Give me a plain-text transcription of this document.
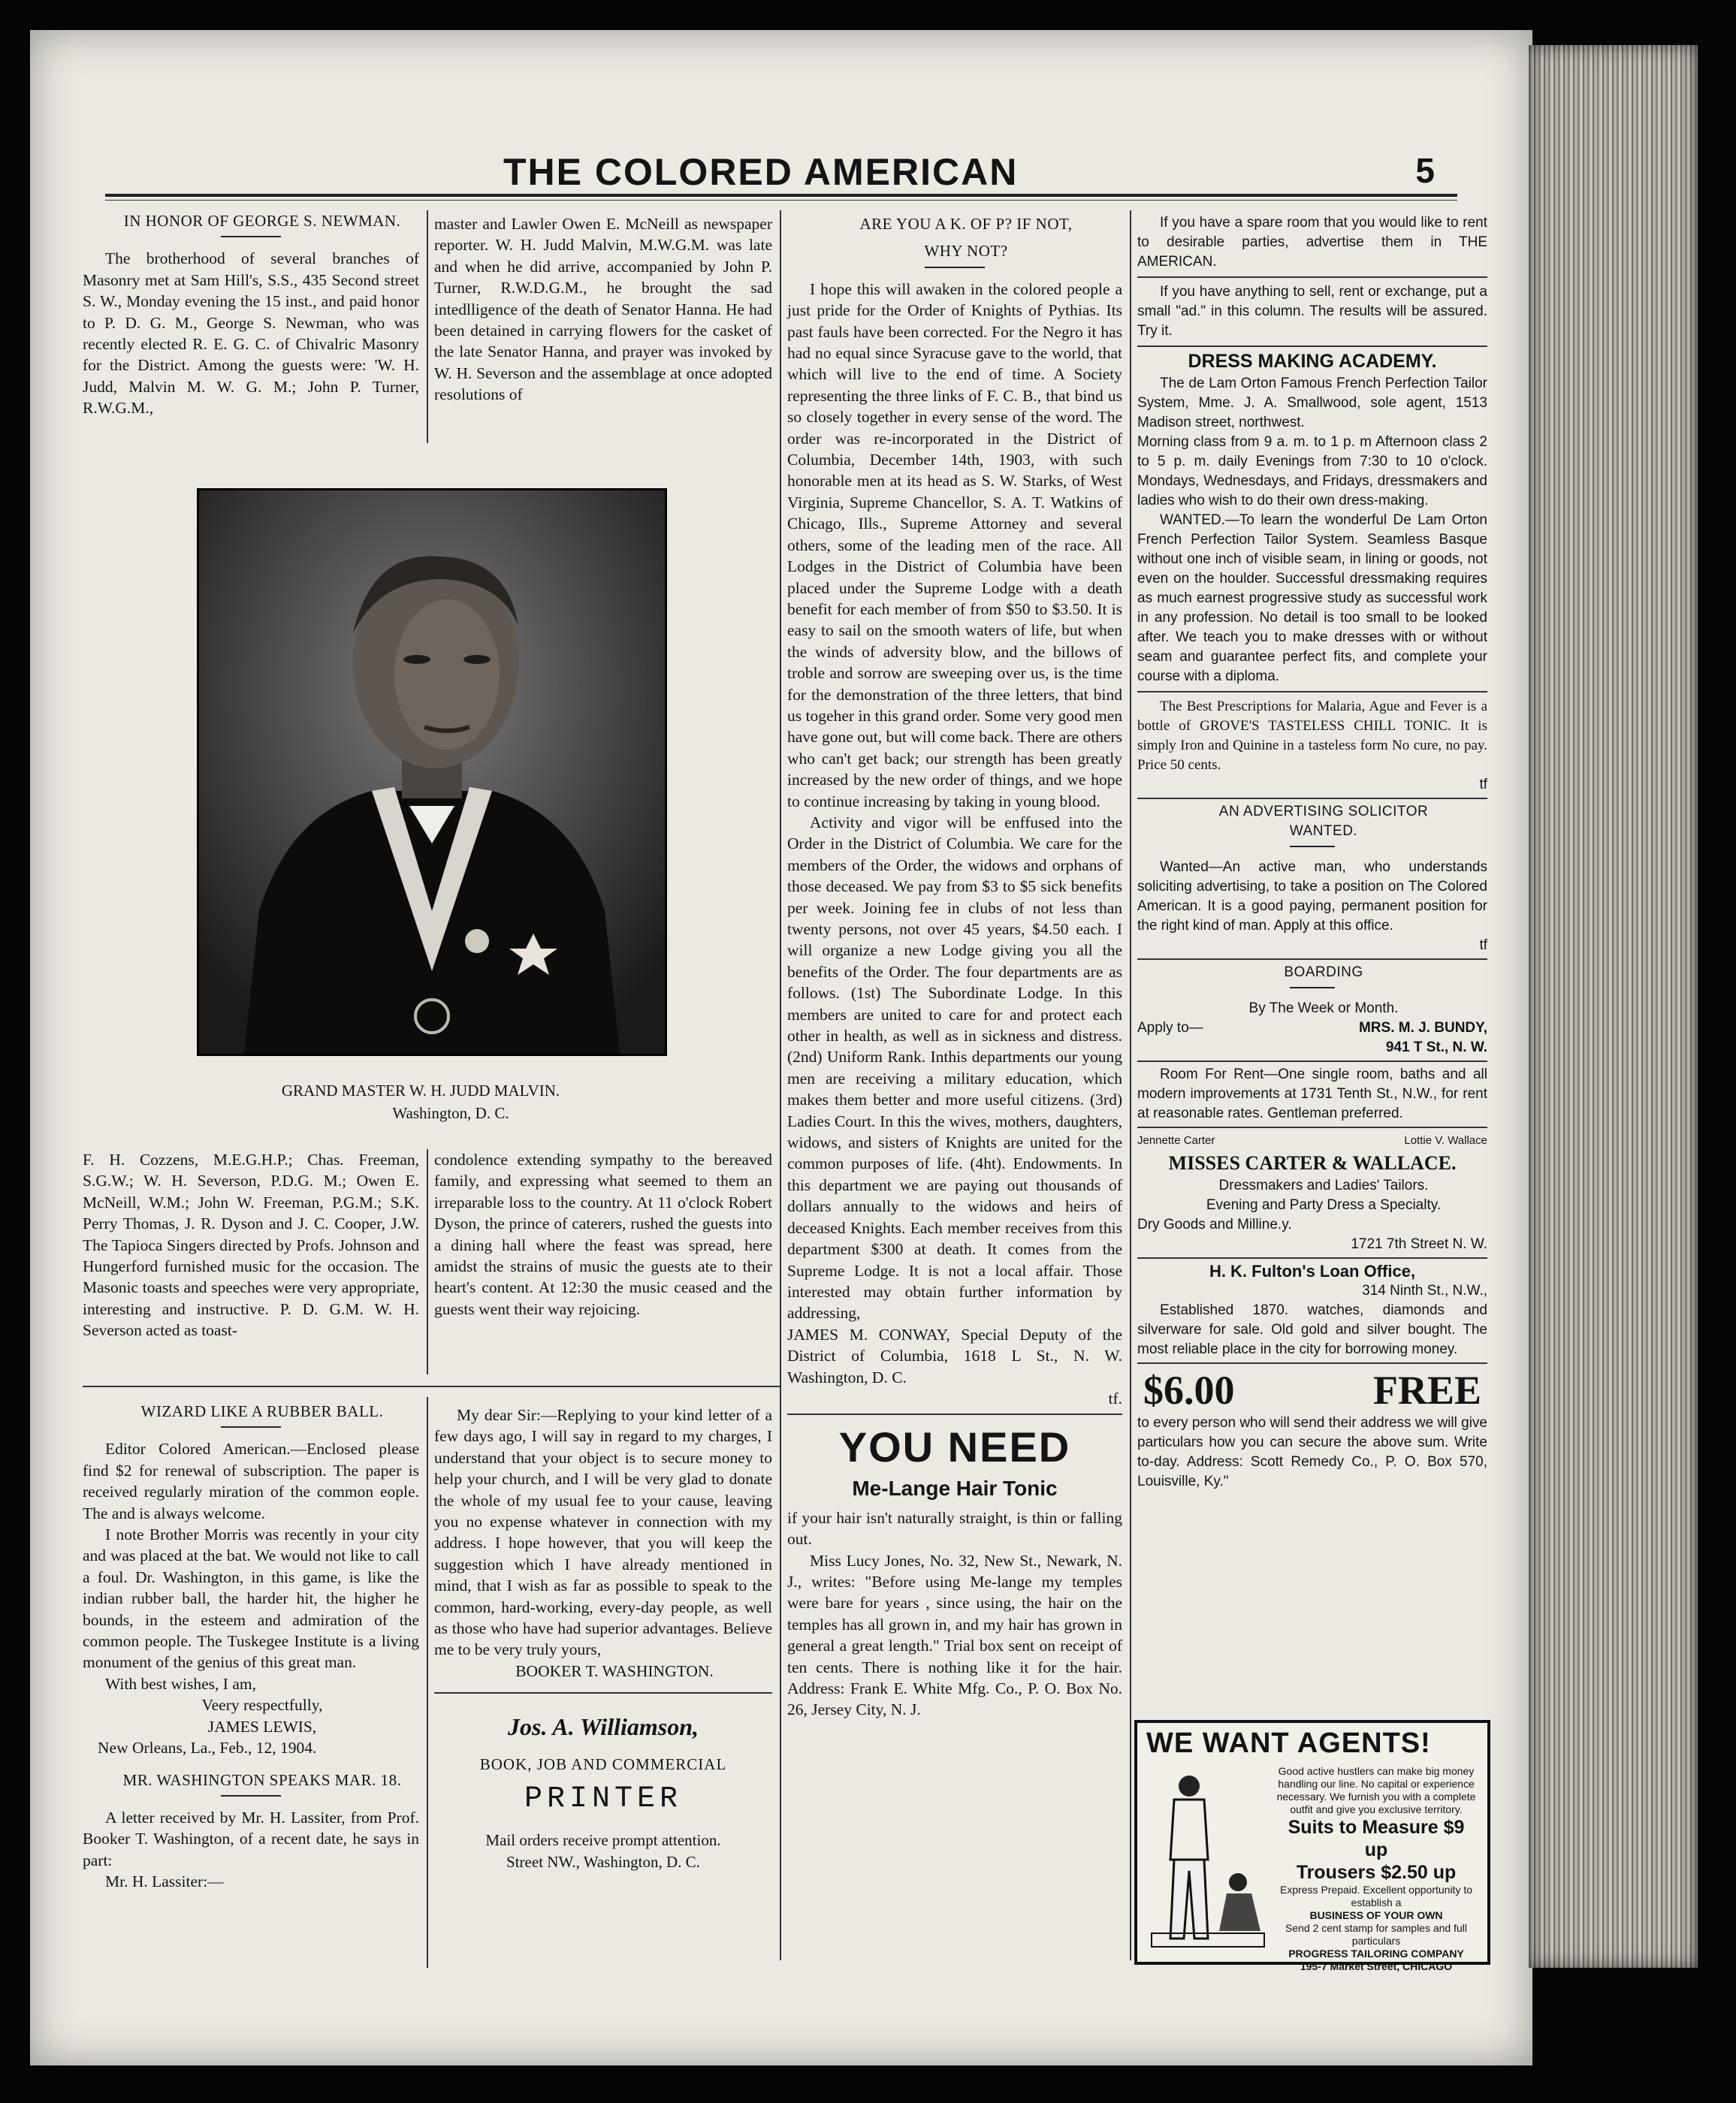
THE COLORED AMERICAN	5

IN HONOR OF GEORGE S. NEWMAN.

The brotherhood of several branches of Masonry met at Sam Hill's, S.S., 435 Second street S. W., Monday evening the 15 inst., and paid honor to P. D. G. M., George S. Newman, who was recently elected R. E. G. C. of Chivalric Masonry for the District. Among the guests were: 'W. H. Judd, Malvin M. W. G. M.; John P. Turner, R.W.G.M.,

master and Lawler Owen E. McNeill as newspaper reporter. W. H. Judd Malvin, M.W.G.M. was late and when he did arrive, accompanied by John P. Turner, R.W.D.G.M., he brought the sad intedlligence of the death of Senator Hanna. He had been detained in carrying flowers for the casket of the late Senator Hanna, and prayer was invoked by W. H. Severson and the assemblage at once adopted resolutions of

GRAND MASTER W. H. JUDD MALVIN.
Washington, D. C.

F. H. Cozzens, M.E.G.H.P.; Chas. Freeman, S.G.W.; W. H. Severson, P.D.G. M.; Owen E. McNeill, W.M.; John W. Freeman, P.G.M.; S.K. Perry Thomas, J. R. Dyson and J. C. Cooper, J.W. The Tapioca Singers directed by Profs. Johnson and Hungerford furnished music for the occasion. The Masonic toasts and speeches were very appropriate, interesting and instructive. P. D. G.M. W. H. Severson acted as toast-

condolence extending sympathy to the bereaved family, and expressing what seemed to them an irreparable loss to the country. At 11 o'clock Robert Dyson, the prince of caterers, rushed the guests into a dining hall where the feast was spread, here amidst the strains of music the guests ate to their heart's content. At 12:30 the music ceased and the guests went their way rejoicing.

WIZARD LIKE A RUBBER BALL.

Editor Colored American.—Enclosed please find $2 for renewal of subscription. The paper is received regularly miration of the common eople. The and is always welcome.

I note Brother Morris was recently in your city and was placed at the bat. We would not like to call a foul. Dr. Washington, in this game, is like the indian rubber ball, the harder hit, the higher he bounds, in the esteem and admiration of the common people. The Tuskegee Institute is a living monument of the genius of this great man.

With best wishes, I am,

Veery respectfully,

JAMES LEWIS,

New Orleans, La., Feb., 12, 1904.

MR. WASHINGTON SPEAKS MAR. 18.

A letter received by Mr. H. Lassiter, from Prof. Booker T. Washington, of a recent date, he says in part:

Mr. H. Lassiter:—

My dear Sir:—Replying to your kind letter of a few days ago, I will say in regard to my charges, I understand that your object is to secure money to help your church, and I will be very glad to donate the whole of my usual fee to your cause, leaving you no expense whatever in connection with my address. I hope however, that you will keep the suggestion which I have already mentioned in mind, that I wish as far as possible to speak to the common, hard-working, every-day people, as well as those who have had superior advantages. Believe me to be very truly yours,

BOOKER T. WASHINGTON.

Jos. A. Williamson,
BOOK, JOB AND COMMERCIAL
PRINTER
Mail orders receive prompt attention.
Street NW., Washington, D. C.

ARE YOU A K. OF P? IF NOT,

WHY NOT?

I hope this will awaken in the colored people a just pride for the Order of Knights of Pythias. Its past fauls have been corrected. For the Negro it has had no equal since Syracuse gave to the world, that which will live to the end of time. A Society representing the three links of F. C. B., that bind us so closely together in every sense of the word. The order was re-incorporated in the District of Columbia, December 14th, 1903, with such honorable men at its head as S. W. Starks, of West Virginia, Supreme Chancellor, S. A. T. Watkins of Chicago, Ills., Supreme Attorney and several others, some of the leading men of the race. All Lodges in the District of Columbia have been placed under the Supreme Lodge with a death benefit for each member of from $50 to $3.50. It is easy to sail on the smooth waters of life, but when the winds of adversity blow, and the billows of troble and sorrow are sweeping over us, is the time for the demonstration of the three letters, that bind us togeher in this grand order. Some very good men have gone out, but will come back. There are others who can't get back; our strength has been greatly increased by the new order of things, and we hope to continue increasing by taking in young blood.

Activity and vigor will be enffused into the Order in the District of Columbia. We care for the members of the Order, the widows and orphans of those deceased. We pay from $3 to $5 sick benefits per week. Joining fee in clubs of not less than twenty persons, not over 45 years, $4.50 each. I will organize a new Lodge giving you all the benefits of the Order. The four departments are as follows. (1st) The Subordinate Lodge. In this members are united to care for and protect each other in health, as well as in sickness and distress. (2nd) Uniform Rank. Inthis departments our young men are receiving a military education, which makes them better and more useful citizens. (3rd) Ladies Court. In this the wives, mothers, daughters, widows, and sisters of Knights are united for the common purposes of life. (4ht). Endowments. In this department we are paying out thousands of dollars annually to the widows and heirs of deceased Knights. Each member receives from this department $300 at death. It comes from the Supreme Lodge. It is not a local affair. Those interested may obtain further information by addressing,

JAMES M. CONWAY, Special Deputy of the District of Columbia, 1618 L St., N. W. Washington, D. C.

tf.

YOU NEED
Me-Lange Hair Tonic

if your hair isn't naturally straight, is thin or falling out.

Miss Lucy Jones, No. 32, New St., Newark, N. J., writes: "Before using Me-lange my temples were bare for years , since using, the hair on the temples has all grown in, and my hair has grown in general a great length." Trial box sent on receipt of ten cents. There is nothing like it for the hair. Address: Frank E. White Mfg. Co., P. O. Box No. 26, Jersey City, N. J.

If you have a spare room that you would like to rent to desirable parties, advertise them in THE AMERICAN.

If you have anything to sell, rent or exchange, put a small "ad." in this column. The results will be assured. Try it.

DRESS MAKING ACADEMY.

The de Lam Orton Famous French Perfection Tailor System, Mme. J. A. Smallwood, sole agent, 1513 Madison street, northwest.

Morning class from 9 a. m. to 1 p. m Afternoon class 2 to 5 p. m. daily Evenings from 7:30 to 10 o'clock. Mondays, Wednesdays, and Fridays, dressmakers and ladies who wish to do their own dress-making.

WANTED.—To learn the wonderful De Lam Orton French Perfection Tailor System. Seamless Basque without one inch of visible seam, in lining or goods, not even on the houlder. Successful dressmaking requires as much earnest progressive study as successful work in any profession. No detail is too small to be looked after. We teach you to make dresses with or without seam and guarantee perfect fits, and complete your course with a diploma.

The Best Prescriptions for Malaria, Ague and Fever is a bottle of GROVE'S TASTELESS CHILL TONIC. It is simply Iron and Quinine in a tasteless form No cure, no pay. Price 50 cents.

tf

AN ADVERTISING SOLICITOR

WANTED.

Wanted—An active man, who understands soliciting advertising, to take a position on The Colored American. It is a good paying, permanent position for the right kind of man. Apply at this office.

tf

BOARDING

By The Week or Month.

Apply to—	MRS. M. J. BUNDY,

941 T St., N. W.

Room For Rent—One single room, baths and all modern improvements at 1731 Tenth St., N.W., for rent at reasonable rates. Gentleman preferred.

Jennette Carter	Lottie V. Wallace
MISSES CARTER & WALLACE.

Dressmakers and Ladies' Tailors.

Evening and Party Dress a Specialty.

Dry Goods and Milline.y.

1721 7th Street N. W.

H. K. Fulton's Loan Office,

314 Ninth St., N.W.,

Established 1870. watches, diamonds and silverware for sale. Old gold and silver bought. The most reliable place in the city for borrowing money.

$6.00	FREE

to every person who will send their address we will give particulars how you can secure the above sum. Write to-day. Address: Scott Remedy Co., P. O. Box 570, Louisville, Ky."

WE WANT AGENTS!
Good active hustlers can make big money handling our line. No capital or experience necessary. We furnish you with a complete outfit and give you exclusive territory.
Suits to Measure $9 up
Trousers $2.50 up
Express Prepaid. Excellent opportunity to establish a
BUSINESS OF YOUR OWN
Send 2 cent stamp for samples and full particulars
PROGRESS TAILORING COMPANY
195-7 Market Street, CHICAGO
